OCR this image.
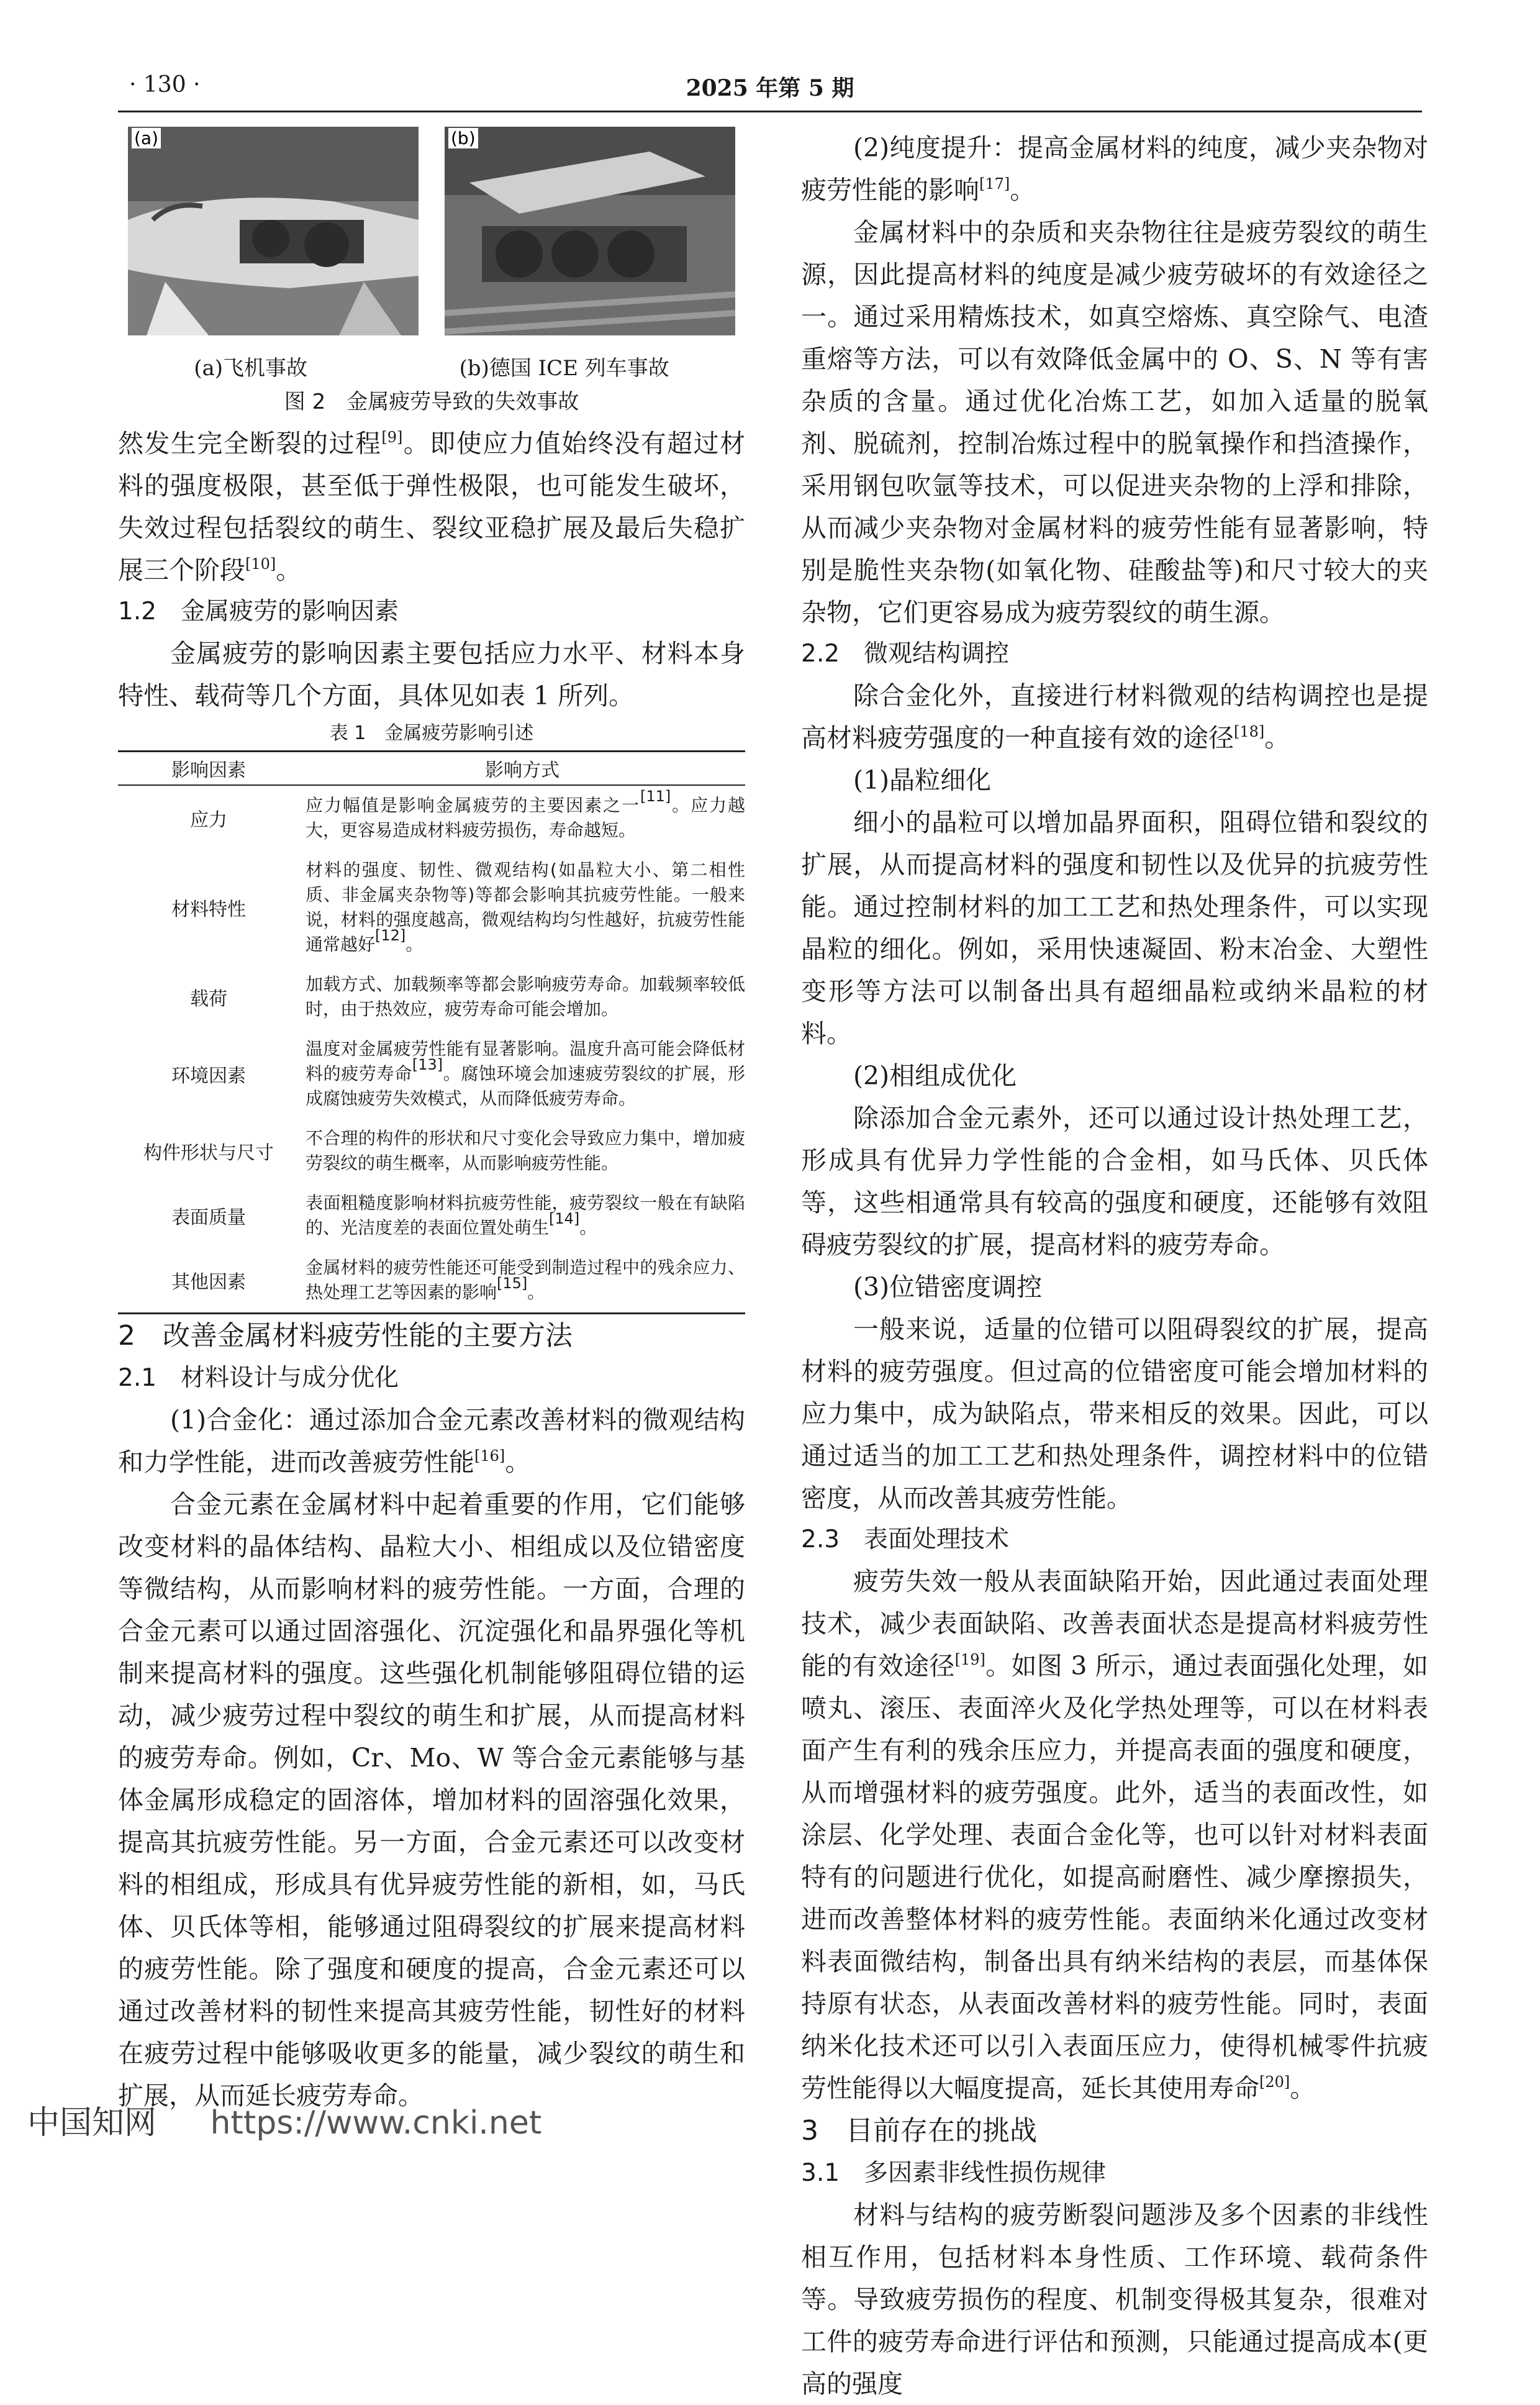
· 130 ·	2025 年第 5 期
(a)	(b)
(a)飞机事故	(b)德国 ICE 列车事故
图 2　金属疲劳导致的失效事故

然发生完全断裂的过程[9]。即使应力值始终没有超过材料的强度极限，甚至低于弹性极限，也可能发生破坏，失效过程包括裂纹的萌生、裂纹亚稳扩展及最后失稳扩展三个阶段[10]。

1.2　金属疲劳的影响因素

金属疲劳的影响因素主要包括应力水平、材料本身特性、载荷等几个方面，具体见如表 1 所列。

表 1　金属疲劳影响引述
影响因素	影响方式
应力	应力幅值是影响金属疲劳的主要因素之一[11]。应力越大，更容易造成材料疲劳损伤，寿命越短。
材料特性	材料的强度、韧性、微观结构(如晶粒大小、第二相性质、非金属夹杂物等)等都会影响其抗疲劳性能。一般来说，材料的强度越高，微观结构均匀性越好，抗疲劳性能通常越好[12]。
载荷	加载方式、加载频率等都会影响疲劳寿命。加载频率较低时，由于热效应，疲劳寿命可能会增加。
环境因素	温度对金属疲劳性能有显著影响。温度升高可能会降低材料的疲劳寿命[13]。腐蚀环境会加速疲劳裂纹的扩展，形成腐蚀疲劳失效模式，从而降低疲劳寿命。
构件形状与尺寸	不合理的构件的形状和尺寸变化会导致应力集中，增加疲劳裂纹的萌生概率，从而影响疲劳性能。
表面质量	表面粗糙度影响材料抗疲劳性能，疲劳裂纹一般在有缺陷的、光洁度差的表面位置处萌生[14]。
其他因素	金属材料的疲劳性能还可能受到制造过程中的残余应力、热处理工艺等因素的影响[15]。
2　改善金属材料疲劳性能的主要方法
2.1　材料设计与成分优化

(1)合金化：通过添加合金元素改善材料的微观结构和力学性能，进而改善疲劳性能[16]。

合金元素在金属材料中起着重要的作用，它们能够改变材料的晶体结构、晶粒大小、相组成以及位错密度等微结构，从而影响材料的疲劳性能。一方面，合理的合金元素可以通过固溶强化、沉淀强化和晶界强化等机制来提高材料的强度。这些强化机制能够阻碍位错的运动，减少疲劳过程中裂纹的萌生和扩展，从而提高材料的疲劳寿命。例如，Cr、Mo、W 等合金元素能够与基体金属形成稳定的固溶体，增加材料的固溶强化效果，提高其抗疲劳性能。另一方面，合金元素还可以改变材料的相组成，形成具有优异疲劳性能的新相，如，马氏体、贝氏体等相，能够通过阻碍裂纹的扩展来提高材料的疲劳性能。除了强度和硬度的提高，合金元素还可以通过改善材料的韧性来提高其疲劳性能，韧性好的材料在疲劳过程中能够吸收更多的能量，减少裂纹的萌生和扩展，从而延长疲劳寿命。

(2)纯度提升：提高金属材料的纯度，减少夹杂物对疲劳性能的影响[17]。

金属材料中的杂质和夹杂物往往是疲劳裂纹的萌生源，因此提高材料的纯度是减少疲劳破坏的有效途径之一。通过采用精炼技术，如真空熔炼、真空除气、电渣重熔等方法，可以有效降低金属中的 O、S、N 等有害杂质的含量。通过优化冶炼工艺，如加入适量的脱氧剂、脱硫剂，控制冶炼过程中的脱氧操作和挡渣操作，采用钢包吹氩等技术，可以促进夹杂物的上浮和排除，从而减少夹杂物对金属材料的疲劳性能有显著影响，特别是脆性夹杂物(如氧化物、硅酸盐等)和尺寸较大的夹杂物，它们更容易成为疲劳裂纹的萌生源。

2.2　微观结构调控

除合金化外，直接进行材料微观的结构调控也是提高材料疲劳强度的一种直接有效的途径[18]。

(1)晶粒细化

细小的晶粒可以增加晶界面积，阻碍位错和裂纹的扩展，从而提高材料的强度和韧性以及优异的抗疲劳性能。通过控制材料的加工工艺和热处理条件，可以实现晶粒的细化。例如，采用快速凝固、粉末冶金、大塑性变形等方法可以制备出具有超细晶粒或纳米晶粒的材料。

(2)相组成优化

除添加合金元素外，还可以通过设计热处理工艺，形成具有优异力学性能的合金相，如马氏体、贝氏体等，这些相通常具有较高的强度和硬度，还能够有效阻碍疲劳裂纹的扩展，提高材料的疲劳寿命。

(3)位错密度调控

一般来说，适量的位错可以阻碍裂纹的扩展，提高材料的疲劳强度。但过高的位错密度可能会增加材料的应力集中，成为缺陷点，带来相反的效果。因此，可以通过适当的加工工艺和热处理条件，调控材料中的位错密度，从而改善其疲劳性能。

2.3　表面处理技术

疲劳失效一般从表面缺陷开始，因此通过表面处理技术，减少表面缺陷、改善表面状态是提高材料疲劳性能的有效途径[19]。如图 3 所示，通过表面强化处理，如喷丸、滚压、表面淬火及化学热处理等，可以在材料表面产生有利的残余压应力，并提高表面的强度和硬度，从而增强材料的疲劳强度。此外，适当的表面改性，如涂层、化学处理、表面合金化等，也可以针对材料表面特有的问题进行优化，如提高耐磨性、减少摩擦损失，进而改善整体材料的疲劳性能。表面纳米化通过改变材料表面微结构，制备出具有纳米结构的表层，而基体保持原有状态，从表面改善材料的疲劳性能。同时，表面纳米化技术还可以引入表面压应力，使得机械零件抗疲劳性能得以大幅度提高，延长其使用寿命[20]。

3　目前存在的挑战
3.1　多因素非线性损伤规律

材料与结构的疲劳断裂问题涉及多个因素的非线性相互作用，包括材料本身性质、工作环境、载荷条件等。导致疲劳损伤的程度、机制变得极其复杂，很难对工件的疲劳寿命进行评估和预测，只能通过提高成本(更高的强度

中国知网 https://www.cnki.net
